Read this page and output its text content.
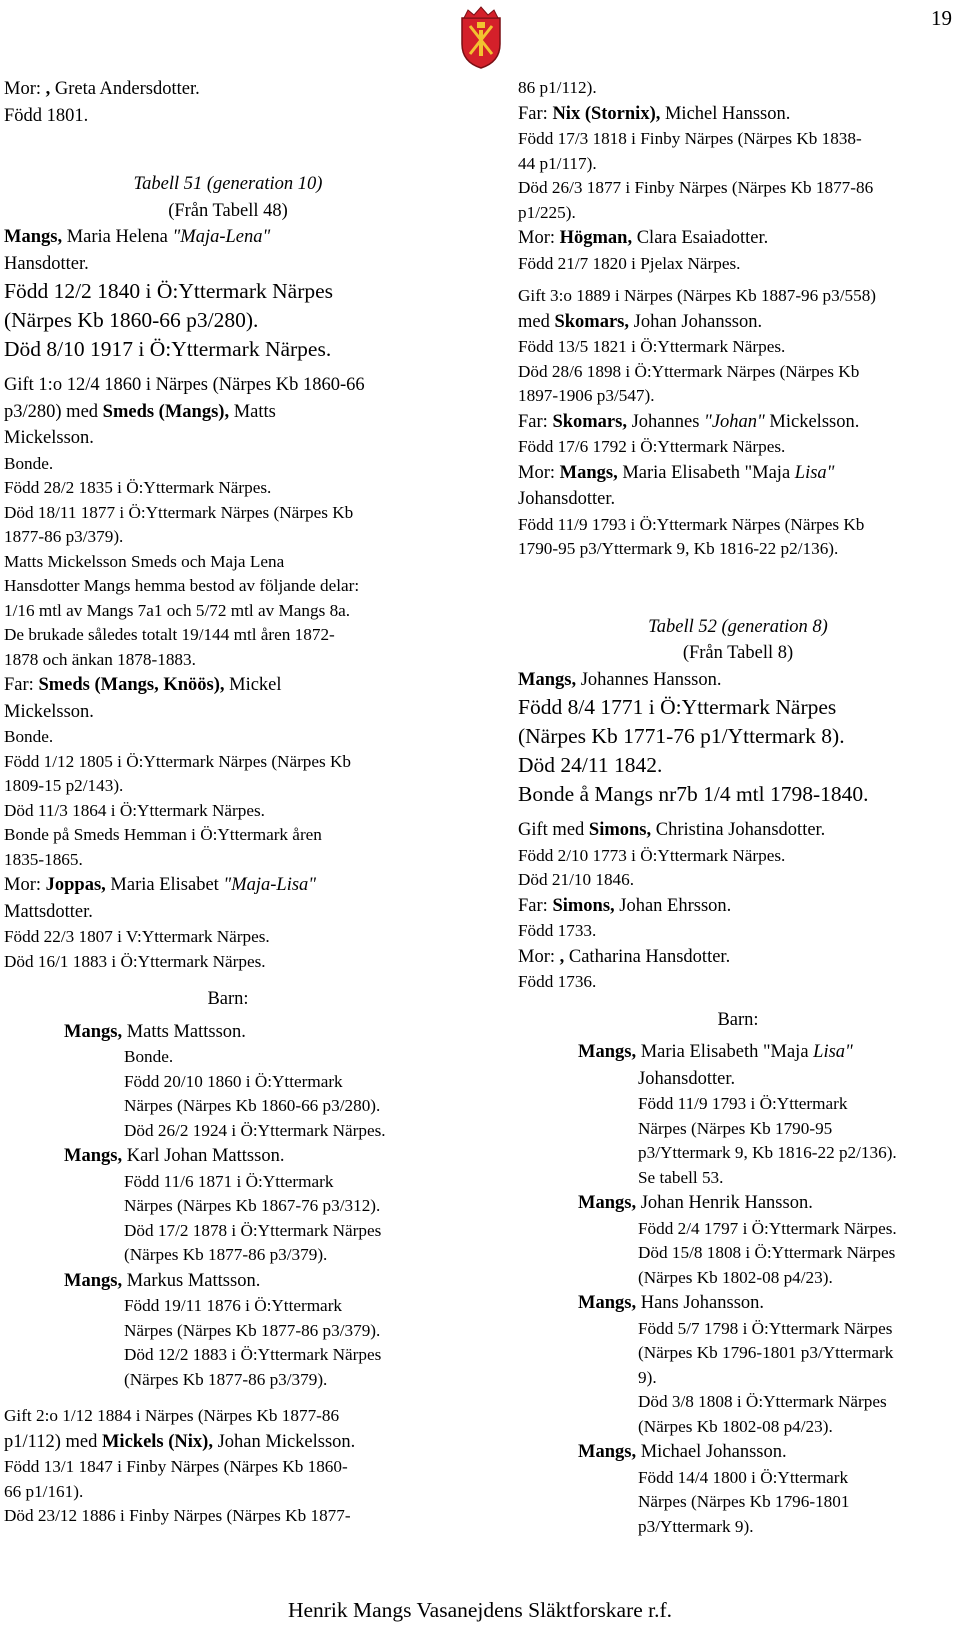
19
Mor: , Greta Andersdotter.
Född 1801.
Tabell 51 (generation 10)
(Från Tabell 48)
Mangs, Maria Helena "Maja-Lena"
Hansdotter.
Född 12/2 1840 i Ö:Yttermark Närpes
(Närpes Kb 1860-66 p3/280).
Död 8/10 1917 i Ö:Yttermark Närpes.
Gift 1:o 12/4 1860 i Närpes (Närpes Kb 1860-66
p3/280) med Smeds (Mangs), Matts
Mickelsson.
Bonde.
Född 28/2 1835 i Ö:Yttermark Närpes.
Död 18/11 1877 i Ö:Yttermark Närpes (Närpes Kb
1877-86 p3/379).
Matts Mickelsson Smeds och Maja Lena
Hansdotter Mangs hemma bestod av följande delar:
1/16 mtl av Mangs 7a1 och 5/72 mtl av Mangs 8a.
De brukade således totalt 19/144 mtl åren 1872-
1878 och änkan 1878-1883.
Far: Smeds (Mangs, Knöös), Mickel
Mickelsson.
Bonde.
Född 1/12 1805 i Ö:Yttermark Närpes (Närpes Kb
1809-15 p2/143).
Död 11/3 1864 i Ö:Yttermark Närpes.
Bonde på Smeds Hemman i Ö:Yttermark åren
1835-1865.
Mor: Joppas, Maria Elisabet "Maja-Lisa"
Mattsdotter.
Född 22/3 1807 i V:Yttermark Närpes.
Död 16/1 1883 i Ö:Yttermark Närpes.
Barn:
Mangs, Matts Mattsson.
Bonde.
Född 20/10 1860 i Ö:Yttermark
Närpes (Närpes Kb 1860-66 p3/280).
Död 26/2 1924 i Ö:Yttermark Närpes.
Mangs, Karl Johan Mattsson.
Född 11/6 1871 i Ö:Yttermark
Närpes (Närpes Kb 1867-76 p3/312).
Död 17/2 1878 i Ö:Yttermark Närpes
(Närpes Kb 1877-86 p3/379).
Mangs, Markus Mattsson.
Född 19/11 1876 i Ö:Yttermark
Närpes (Närpes Kb 1877-86 p3/379).
Död 12/2 1883 i Ö:Yttermark Närpes
(Närpes Kb 1877-86 p3/379).
Gift 2:o 1/12 1884 i Närpes (Närpes Kb 1877-86
p1/112) med Mickels (Nix), Johan Mickelsson.
Född 13/1 1847 i Finby Närpes (Närpes Kb 1860-
66 p1/161).
Död 23/12 1886 i Finby Närpes (Närpes Kb 1877-
86 p1/112).
Far: Nix (Stornix), Michel Hansson.
Född 17/3 1818 i Finby Närpes (Närpes Kb 1838-
44 p1/117).
Död 26/3 1877 i Finby Närpes (Närpes Kb 1877-86
p1/225).
Mor: Högman, Clara Esaiadotter.
Född 21/7 1820 i Pjelax Närpes.
Gift 3:o 1889 i Närpes (Närpes Kb 1887-96 p3/558)
med Skomars, Johan Johansson.
Född 13/5 1821 i Ö:Yttermark Närpes.
Död 28/6 1898 i Ö:Yttermark Närpes (Närpes Kb
1897-1906 p3/547).
Far: Skomars, Johannes "Johan" Mickelsson.
Född 17/6 1792 i Ö:Yttermark Närpes.
Mor: Mangs, Maria Elisabeth "Maja Lisa"
Johansdotter.
Född 11/9 1793 i Ö:Yttermark Närpes (Närpes Kb
1790-95 p3/Yttermark 9, Kb 1816-22 p2/136).
Tabell 52 (generation 8)
(Från Tabell 8)
Mangs, Johannes Hansson.
Född 8/4 1771 i Ö:Yttermark Närpes
(Närpes Kb 1771-76 p1/Yttermark 8).
Död 24/11 1842.
Bonde å Mangs nr7b 1/4 mtl 1798-1840.
Gift med Simons, Christina Johansdotter.
Född 2/10 1773 i Ö:Yttermark Närpes.
Död 21/10 1846.
Far: Simons, Johan Ehrsson.
Född 1733.
Mor: , Catharina Hansdotter.
Född 1736.
Barn:
Mangs, Maria Elisabeth "Maja Lisa"
Johansdotter.
Född 11/9 1793 i Ö:Yttermark
Närpes (Närpes Kb 1790-95
p3/Yttermark 9, Kb 1816-22 p2/136).
Se tabell 53.
Mangs, Johan Henrik Hansson.
Född 2/4 1797 i Ö:Yttermark Närpes.
Död 15/8 1808 i Ö:Yttermark Närpes
(Närpes Kb 1802-08 p4/23).
Mangs, Hans Johansson.
Född 5/7 1798 i Ö:Yttermark Närpes
(Närpes Kb 1796-1801 p3/Yttermark
9).
Död 3/8 1808 i Ö:Yttermark Närpes
(Närpes Kb 1802-08 p4/23).
Mangs, Michael Johansson.
Född 14/4 1800 i Ö:Yttermark
Närpes (Närpes Kb 1796-1801
p3/Yttermark 9).
Henrik Mangs Vasanejdens Släktforskare r.f.
